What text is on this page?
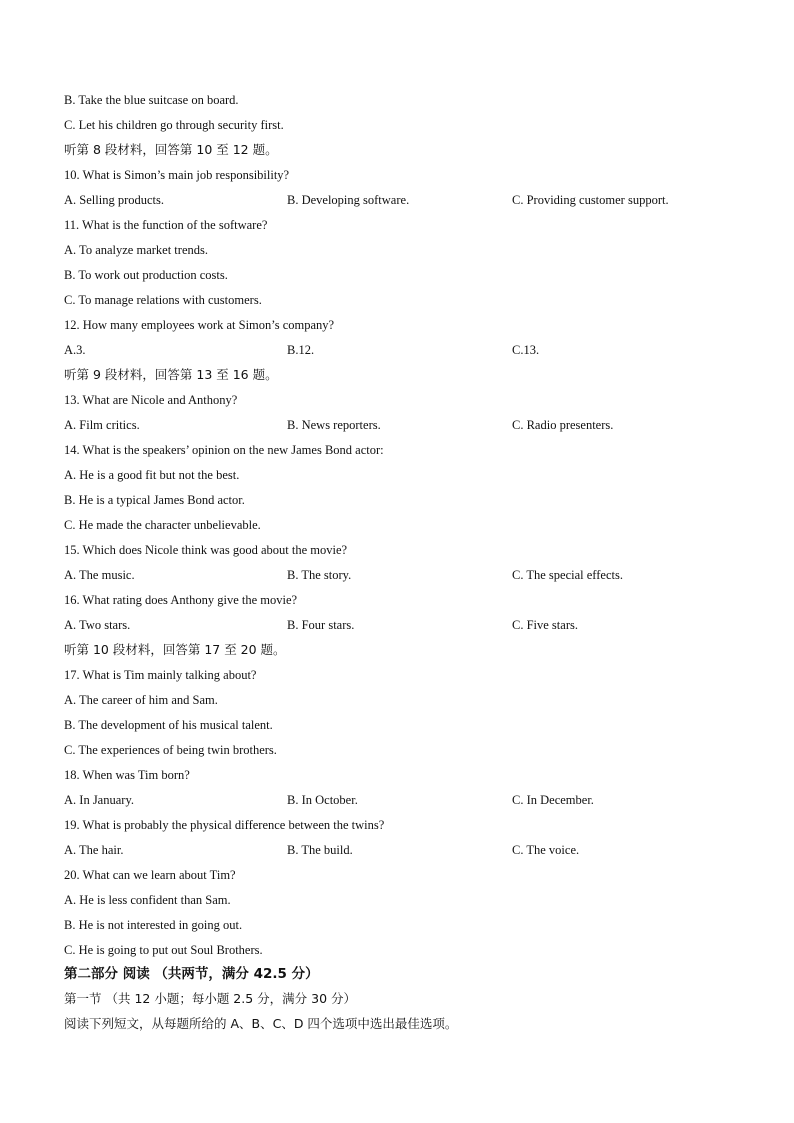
B. Take the blue suitcase on board.
C. Let his children go through security first.
听第 8 段材料，回答第 10 至 12 题。
10. What is Simon’s main job responsibility?
A. Selling products.	B. Developing software.	C. Providing customer support.
11. What is the function of the software?
A. To analyze market trends.
B. To work out production costs.
C. To manage relations with customers.
12. How many employees work at Simon’s company?
A.3.	B.12.	C.13.
听第 9 段材料，回答第 13 至 16 题。
13. What are Nicole and Anthony?
A. Film critics.	B. News reporters.	C. Radio presenters.
14. What is the speakers’ opinion on the new James Bond actor:
A. He is a good fit but not the best.
B. He is a typical James Bond actor.
C. He made the character unbelievable.
15. Which does Nicole think was good about the movie?
A. The music.	B. The story.	C. The special effects.
16. What rating does Anthony give the movie?
A. Two stars.	B. Four stars.	C. Five stars.
听第 10 段材料，回答第 17 至 20 题。
17. What is Tim mainly talking about?
A. The career of him and Sam.
B. The development of his musical talent.
C. The experiences of being twin brothers.
18. When was Tim born?
A. In January.	B. In October.	C. In December.
19. What is probably the physical difference between the twins?
A. The hair.	B. The build.	C. The voice.
20. What can we learn about Tim?
A. He is less confident than Sam.
B. He is not interested in going out.
C. He is going to put out Soul Brothers.
第二部分 阅读 （共两节，满分 42.5 分）
第一节 （共 12 小题；每小题 2.5 分，满分 30 分）
阅读下列短文，从每题所给的 A、B、C、D 四个选项中选出最佳选项。
